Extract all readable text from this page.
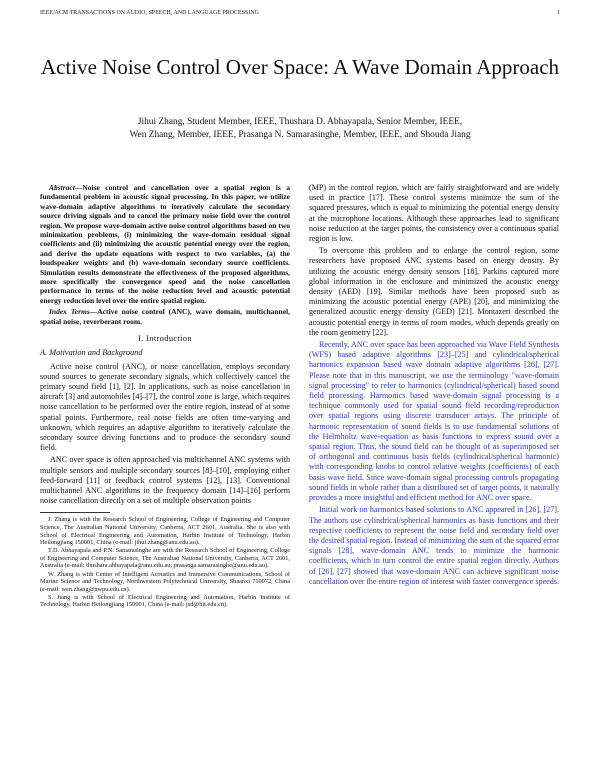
IEEE/ACM TRANSACTIONS ON AUDIO, SPEECH, AND LANGUAGE PROCESSING	1
Active Noise Control Over Space: A Wave Domain Approach
Jihui Zhang, Student Member, IEEE, Thushara D. Abhayapala, Senior Member, IEEE,
Wen Zhang, Member, IEEE, Prasanga N. Samarasinghe, Member, IEEE, and Shouda Jiang

Abstract—Noise control and cancellation over a spatial region is a fundamental problem in acoustic signal processing. In this paper, we utilize wave-domain adaptive algorithms to iteratively calculate the secondary source driving signals and to cancel the primary noise field over the control region. We propose wave-domain active noise control algorithms based on two minimization problems, (i) minimizing the wave-domain residual signal coefficients and (ii) minimizing the acoustic potential energy over the region, and derive the update equations with respect to two variables, (a) the loudspeaker weights and (b) wave-domain secondary source coefficients. Simulation results demonstrate the effectiveness of the proposed algorithms, more specifically the convergence speed and the noise cancellation performance in terms of the noise reduction level and acoustic potential energy reduction level over the entire spatial region.

Index Terms—Active noise control (ANC), wave domain, multichannel, spatial noise, reverberant room.

I. Introduction
A. Motivation and Background

Active noise control (ANC), or noise cancellation, employs secondary sound sources to generate secondary signals, which collectively cancel the primary sound field [1], [2]. In applications, such as noise cancellation in aircraft [3] and automobiles [4]–[7], the control zone is large, which requires noise cancellation to be performed over the entire region, instead of at some spatial points. Furthermore, real noise fields are often time-varying and unknown, which requires an adaptive algorithm to iteratively calculate the secondary source driving functions and to produce the secondary sound field.

ANC over space is often approached via multichannel ANC systems with multiple sensors and multiple secondary sources [8]–[10], employing either feed-forward [11] or feedback control systems [12], [13]. Conventional multichannel ANC algorithms in the frequency domain [14]–[16] perform noise cancellation directly on a set of multiple observation points

J. Zhang is with the Research School of Engineering, College of Engineering and Computer Science, The Australian National University, Canberra, ACT 2601, Australia. She is also with School of Electrical Engineering and Automation, Harbin Institute of Technology, Harbin Heilongjiang 150001, China (e-mail: jihui.zhang@anu.edu.au).

T.D. Abhayapala and P.N. Samarasinghe are with the Research School of Engineering, College of Engineering and Computer Science, The Australian National University, Canberra, ACT 2601, Australia (e-mail: thushara.abhayapala@anu.edu.au; prasanga.samarasinghe@anu.edu.au).

W. Zhang is with Center of Intelligent Acoustics and Immersive Communications, School of Marine Science and Technology, Northwestern Polytechnical University, Shaanxi 710072, China (e-mail: wen.zhang@nwpu.edu.cn).

S. Jiang is with School of Electrical Engineering and Automation, Harbin Institute of Technology, Harbin Heilongjiang 150001, China (e-mail: jsd@hit.edu.cn).

(MP) in the control region, which are fairly straightforward and are widely used in practice [17]. These control systems minimize the sum of the squared pressures, which is equal to minimizing the potential energy density at the microphone locations. Although these approaches lead to significant noise reduction at the target points, the consistency over a continuous spatial region is low.

To overcome this problem and to enlarge the control region, some researchers have proposed ANC systems based on energy density. By utilizing the acoustic energy density sensors [18], Parkins captured more global information in the enclosure and minimized the acoustic energy density (AED) [19]. Similar methods have been proposed such as minimizing the acoustic potential energy (APE) [20], and minimizing the generalized acoustic energy density (GED) [21]. Montazeri described the acoustic potential energy in terms of room modes, which depends greatly on the room geometry [22].

Recently, ANC over space has been approached via Wave Field Synthesis (WFS) based adaptive algorithms [23]–[25] and cylindrical/spherical harmonics expansion based wave domain adaptive algorithms [26], [27]. Please note that in this manuscript, we use the terminology "wave-domain signal processing" to refer to harmonics (cylindrical/spherical) based sound field processing. Harmonics based wave-domain signal processing is a technique commonly used for spatial sound field recording/reproduction over spatial regions using discrete transducer arrays. The principle of harmonic representation of sound fields is to use fundamental solutions of the Helmholtz wave-equation as basis functions to express sound over a spatial region. Thus, the sound field can be thought of as superimposed set of orthogonal and continuous basis fields (cylindrical/spherical harmonic) with corresponding knobs to control relative weights (coefficients) of each basis wave field. Since wave-domain signal processing controls propagating sound fields in whole rather than a distributed set of target points, it naturally provides a more insightful and efficient method for ANC over space.

Initial work on harmonics based solutions to ANC appeared in [26], [27]. The authors use cylindrical/spherical harmonics as basis functions and their respective coefficients to represent the noise field and secondary field over the desired spatial region. Instead of minimizing the sum of the squared error signals [28], wave-domain ANC tends to minimize the harmonic coefficients, which in turn control the entire spatial region directly. Authors of [26], [27] showed that wave-domain ANC can achieve significant noise cancellation over the entire region of interest with faster convergence speeds.
